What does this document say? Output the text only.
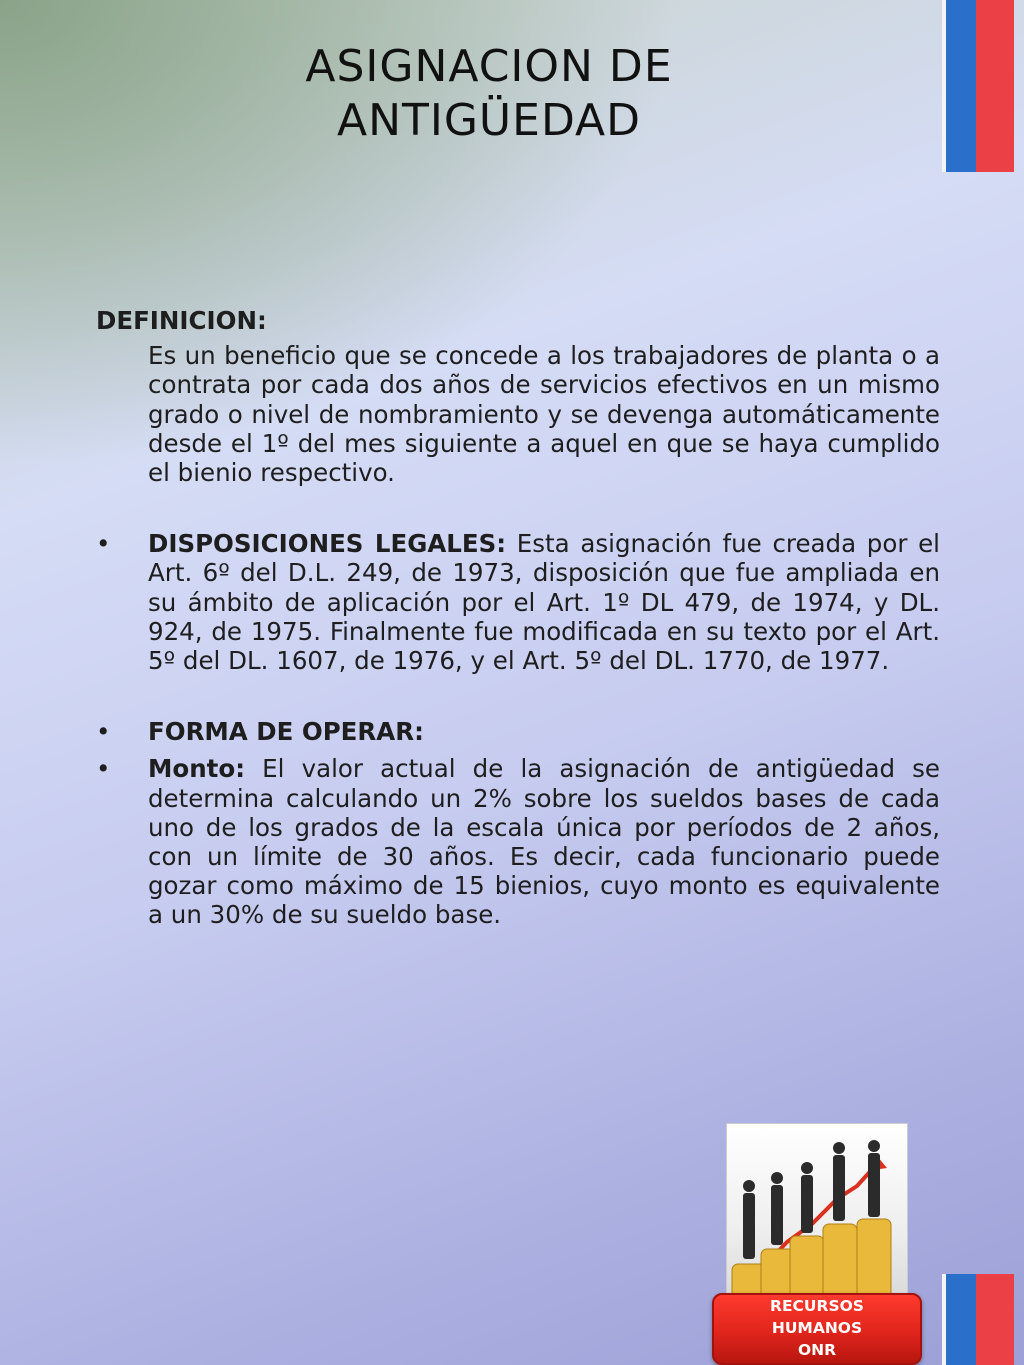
ASIGNACION DE
ANTIGÜEDAD

DEFINICION:

Es un beneficio que se concede a los trabajadores de planta o a contrata por cada dos años de servicios efectivos en un mismo grado o nivel de nombramiento y se devenga automáticamente desde el 1º del mes siguiente a aquel en que se haya cumplido el bienio respectivo.

• DISPOSICIONES LEGALES: Esta asignación fue creada por el Art. 6º del D.L. 249, de 1973, disposición que fue ampliada en su ámbito de aplicación por el Art. 1º DL 479, de 1974, y DL. 924, de 1975. Finalmente fue modificada en su texto por el Art. 5º del DL. 1607, de 1976, y el Art. 5º del DL. 1770, de 1977.

• FORMA DE OPERAR:

• Monto: El valor actual de la asignación de antigüedad se determina calculando un 2% sobre los sueldos bases de cada uno de los grados de la escala única por períodos de 2 años, con un límite de 30 años. Es decir, cada funcionario puede gozar como máximo de 15 bienios, cuyo monto es equivalente a un 30% de su sueldo base.

RECURSOS
HUMANOS
ONR
